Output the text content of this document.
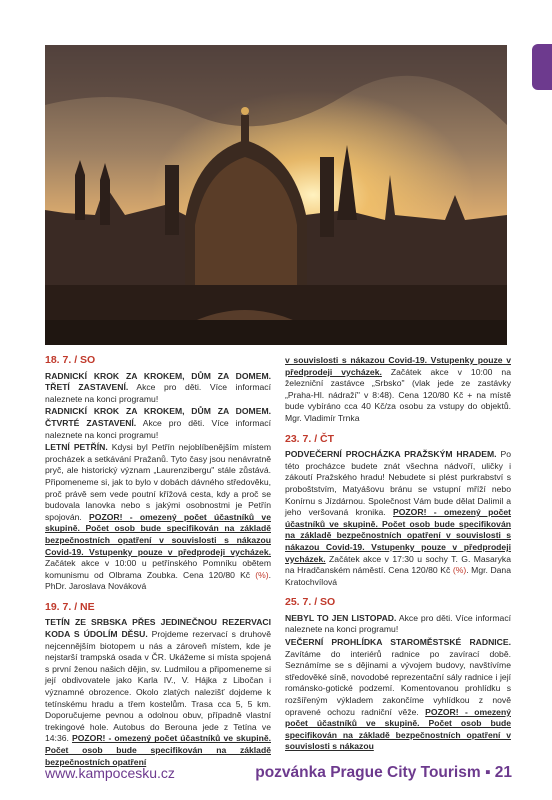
18. 7. / SO

RADNICKÍ KROK ZA KROKEM, DŮM ZA DOMEM. TŘETÍ ZASTAVENÍ. Akce pro děti. Více informací naleznete na konci programu!

RADNICKÍ KROK ZA KROKEM, DŮM ZA DOMEM. ČTVRTÉ ZASTAVENÍ. Akce pro děti. Více informací naleznete na konci programu!

LETNÍ PETŘÍN. Kdysi byl Petřín nejoblíbenějším místem procházek a setkávání Pražanů. Tyto časy jsou nenávratně pryč, ale historický význam „Laurenzibergu" stále zůstává. Připomeneme si, jak to bylo v dobách dávného středověku, proč právě sem vede poutní křížová cesta, kdy a proč se budovala lanovka nebo s jakými osobnostmi je Petřín spojován. POZOR! - omezený počet účastníků ve skupině. Počet osob bude specifikován na základě bezpečnostních opatření v souvislosti s nákazou Covid-19. Vstupenky pouze v předprodeji vycházek. Začátek akce v 10:00 u petřínského Pomníku obětem komunismu od Olbrama Zoubka. Cena 120/80 Kč (%). PhDr. Jaroslava Nováková

19. 7. / NE

TETÍN ZE SRBSKA PŘES JEDINEČNOU REZERVACI KODA S ÚDOLÍM DĚSU. Projdeme rezervací s druhově nejcennějším biotopem u nás a zároveň místem, kde je nejstarší trampská osada v ČR. Ukážeme si místa spojená s první ženou našich dějin, sv. Ludmilou a připomeneme si její obdivovatele jako Karla IV., V. Hájka z Libočan i významné obrozence. Okolo zlatých nalezišť dojdeme k tetínskému hradu a třem kostelům. Trasa cca 5, 5 km. Doporučujeme pevnou a odolnou obuv, případně vlastní trekingové hole. Autobus do Berouna jede z Tetína ve 14:36. POZOR! - omezený počet účastníků ve skupině. Počet osob bude specifikován na základě bezpečnostních opatření

v souvislosti s nákazou Covid-19. Vstupenky pouze v předprodeji vycházek. Začátek akce v 10:00 na železniční zastávce „Srbsko" (vlak jede ze zastávky „Praha-Hl. nádraží" v 8:48). Cena 120/80 Kč + na místě bude vybíráno cca 40 Kč/za osobu za vstupy do objektů. Mgr. Vladimír Trnka

23. 7. / ČT

PODVEČERNÍ PROCHÁZKA PRAŽSKÝM HRADEM. Po této procházce budete znát všechna nádvoří, uličky i zákoutí Pražského hradu! Nebudete si plést purkrabství s proboštstvím, Matyášovu bránu se vstupní mříží nebo Konírnu s Jízdárnou. Společnost Vám bude dělat Dalimil a jeho veršovaná kronika. POZOR! - omezený počet účastníků ve skupině. Počet osob bude specifikován na základě bezpečnostních opatření v souvislosti s nákazou Covid-19. Vstupenky pouze v předprodeji vycházek. Začátek akce v 17:30 u sochy T. G. Masaryka na Hradčanském náměstí. Cena 120/80 Kč (%). Mgr. Dana Kratochvílová

25. 7. / SO

NEBYL TO JEN LISTOPAD. Akce pro děti. Více informací naleznete na konci programu!

VEČERNÍ PROHLÍDKA STAROMĚSTSKÉ RADNICE. Zavítáme do interiérů radnice po zavírací době. Seznámíme se s dějinami a vývojem budovy, navštívíme středověké síně, novodobé reprezentační sály radnice i její románsko-gotické podzemí. Komentovanou prohlídku s rozšířeným výkladem zakončíme vyhlídkou z nově opravené ochozu radniční věže. POZOR! - omezený počet účastníků ve skupině. Počet osob bude specifikován na základě bezpečnostních opatření v souvislosti s nákazou

www.kampocesku.cz	pozvánka Prague City Tourism ▪ 21
